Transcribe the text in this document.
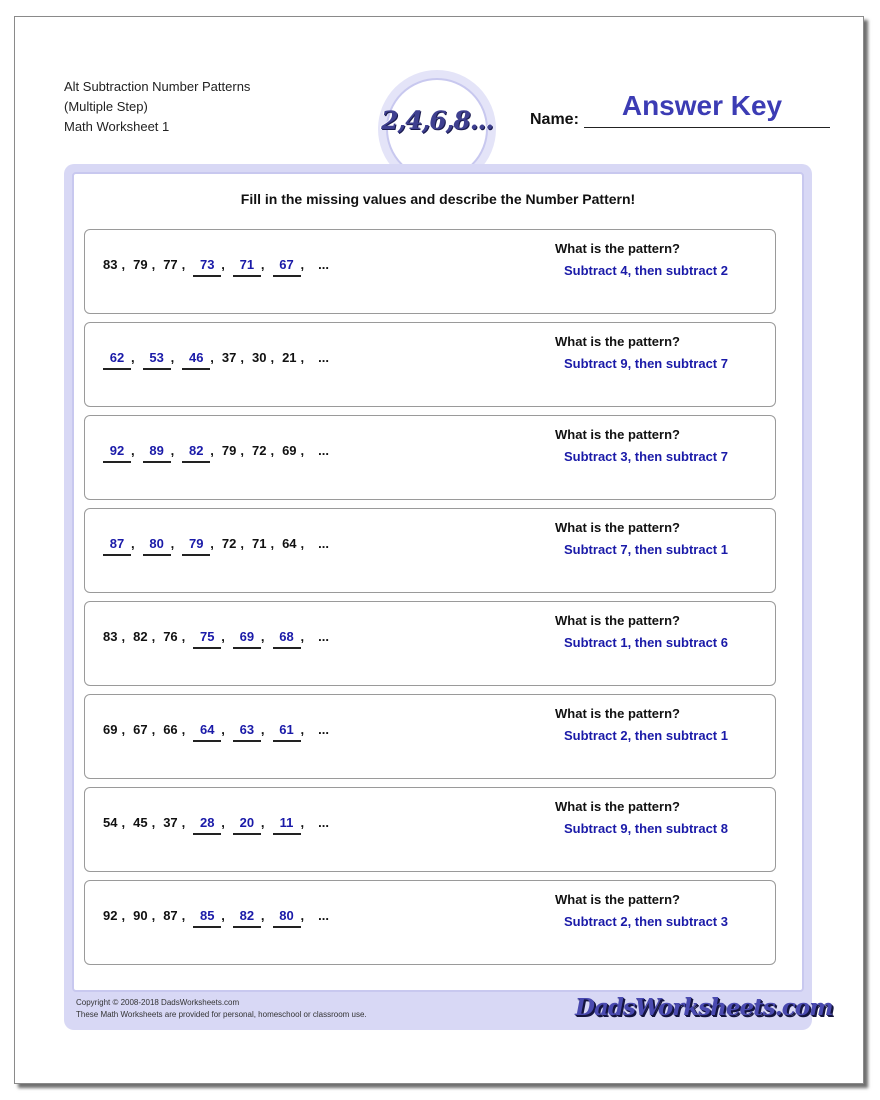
Alt Subtraction Number Patterns
(Multiple Step)
Math Worksheet 1	2,4,6,8... Name:	Answer Key
Fill in the missing values and describe the Number Pattern!
83 , 79 , 77 , 73 , 71 , 67 , ...
What is the pattern?
Subtract 4, then subtract 2
62 , 53 , 46 , 37 , 30 , 21 , ...
What is the pattern?
Subtract 9, then subtract 7
92 , 89 , 82 , 79 , 72 , 69 , ...
What is the pattern?
Subtract 3, then subtract 7
87 , 80 , 79 , 72 , 71 , 64 , ...
What is the pattern?
Subtract 7, then subtract 1
83 , 82 , 76 , 75 , 69 , 68 , ...
What is the pattern?
Subtract 1, then subtract 6
69 , 67 , 66 , 64 , 63 , 61 , ...
What is the pattern?
Subtract 2, then subtract 1
54 , 45 , 37 , 28 , 20 , 11 , ...
What is the pattern?
Subtract 9, then subtract 8
92 , 90 , 87 , 85 , 82 , 80 , ...
What is the pattern?
Subtract 2, then subtract 3
Copyright © 2008-2018 DadsWorksheets.com
These Math Worksheets are provided for personal, homeschool or classroom use.	DadsWorksheets.com
